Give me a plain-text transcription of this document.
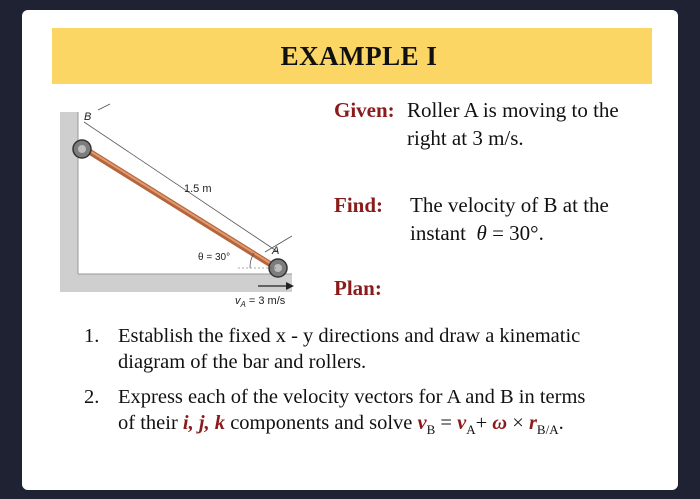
EXAMPLE I
B
A
1.5 m
θ = 30°
$v_A = 3$ m/s
Given: Roller A is moving to the
right at 3 m/s.
Find: The velocity of B at the
instant  θ = 30°.
Plan:
1. Establish the fixed x - y directions and draw a kinematic
diagram of the bar and rollers.
2. Express each of the velocity vectors for A and B in terms
of their i, j, k components and solve $v_B = v_A+ \omega \times r_{B/A}$.
